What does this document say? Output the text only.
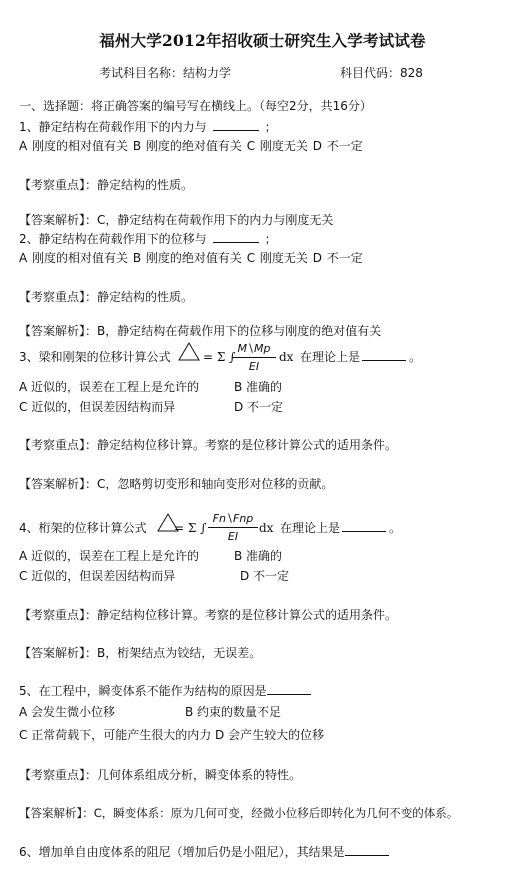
福州大学2012年招收硕士研究生入学考试试卷
考试科目名称：结构力学	科目代码：828
一、选择题：将正确答案的编号写在横线上。（每空2分，共16分）
1、静定结构在荷载作用下的内力与	；
A 刚度的相对值有关 B 刚度的绝对值有关 C 刚度无关 D 不一定
【考察重点】：静定结构的性质。
【答案解析】：C，静定结构在荷载作用下的内力与刚度无关
2、静定结构在荷载作用下的位移与	；
A 刚度的相对值有关 B 刚度的绝对值有关 C 刚度无关 D 不一定
【考察重点】：静定结构的性质。
【答案解析】：B，静定结构在荷载作用下的位移与刚度的绝对值有关
3、梁和刚架的位移计算公式	= Σ ∫
M∖Mp
EI
dx 在理论上是	。
A 近似的，误差在工程上是允许的	B 准确的
C 近似的，但误差因结构而异	D 不一定
【考察重点】：静定结构位移计算。考察的是位移计算公式的适用条件。
【答案解析】：C，忽略剪切变形和轴向变形对位移的贡献。
4、桁架的位移计算公式 = Σ ∫
Fn∖Fnp
EI
dx 在理论上是	。
A 近似的，误差在工程上是允许的	B 准确的
C 近似的，但误差因结构而异	D 不一定
【考察重点】：静定结构位移计算。考察的是位移计算公式的适用条件。
【答案解析】：B，桁架结点为铰结，无误差。
5、在工程中，瞬变体系不能作为结构的原因是
A 会发生微小位移	B 约束的数量不足
C 正常荷载下，可能产生很大的内力 D 会产生较大的位移
【考察重点】：几何体系组成分析，瞬变体系的特性。
【答案解析】：C，瞬变体系：原为几何可变，经微小位移后即转化为几何不变的体系。
6、增加单自由度体系的阻尼（增加后仍是小阻尼），其结果是
